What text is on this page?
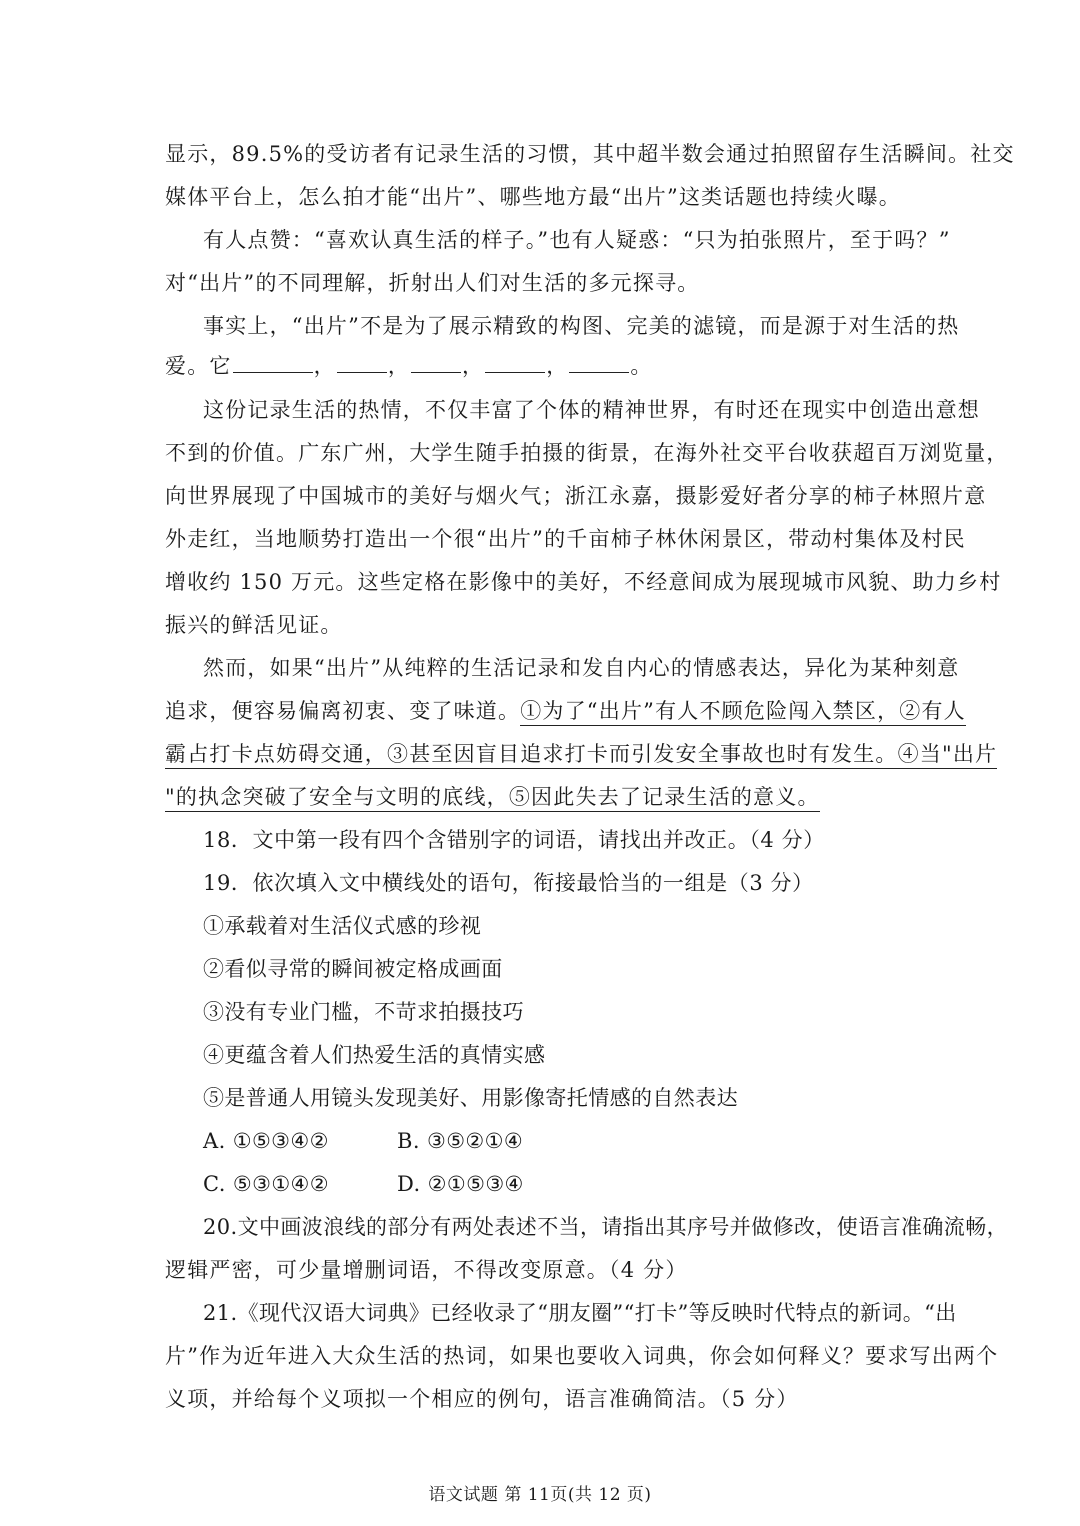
显示，89.5%的受访者有记录生活的习惯，其中超半数会通过拍照留存生活瞬间。社交
媒体平台上，怎么拍才能“出片”、哪些地方最“出片”这类话题也持续火曝。
有人点赞：“喜欢认真生活的样子。”也有人疑惑：“只为拍张照片，至于吗？”
对“出片”的不同理解，折射出人们对生活的多元探寻。
事实上，“出片”不是为了展示精致的构图、完美的滤镜，而是源于对生活的热
爱。它	， ， ，	，	。
这份记录生活的热情，不仅丰富了个体的精神世界，有时还在现实中创造出意想
不到的价值。广东广州，大学生随手拍摄的街景，在海外社交平台收获超百万浏览量，
向世界展现了中国城市的美好与烟火气；浙江永嘉，摄影爱好者分享的柿子林照片意
外走红，当地顺势打造出一个很“出片”的千亩柿子林休闲景区，带动村集体及村民
增收约 150 万元。这些定格在影像中的美好，不经意间成为展现城市风貌、助力乡村
振兴的鲜活见证。
然而，如果“出片”从纯粹的生活记录和发自内心的情感表达，异化为某种刻意
追求，便容易偏离初衷、变了味道。①为了“出片”有人不顾危险闯入禁区，②有人
霸占打卡点妨碍交通，③甚至因盲目追求打卡而引发安全事故也时有发生。④当"出片
"的执念突破了安全与文明的底线，⑤因此失去了记录生活的意义。
18．文中第一段有四个含错别字的词语，请找出并改正。（4 分）
19．依次填入文中横线处的语句，衔接最恰当的一组是（3 分）
①承载着对生活仪式感的珍视
②看似寻常的瞬间被定格成画面
③没有专业门槛，不苛求拍摄技巧
④更蕴含着人们热爱生活的真情实感
⑤是普通人用镜头发现美好、用影像寄托情感的自然表达
A. ①⑤③④②	B. ③⑤②①④
C. ⑤③①④②	D. ②①⑤③④
20.文中画波浪线的部分有两处表述不当，请指出其序号并做修改，使语言准确流畅，
逻辑严密，可少量增删词语，不得改变原意。（4 分）
21.《现代汉语大词典》已经收录了“朋友圈”“打卡”等反映时代特点的新词。“出
片”作为近年进入大众生活的热词，如果也要收入词典，你会如何释义？要求写出两个
义项，并给每个义项拟一个相应的例句，语言准确简洁。（5 分）
语文试题 第 11页(共 12 页)
